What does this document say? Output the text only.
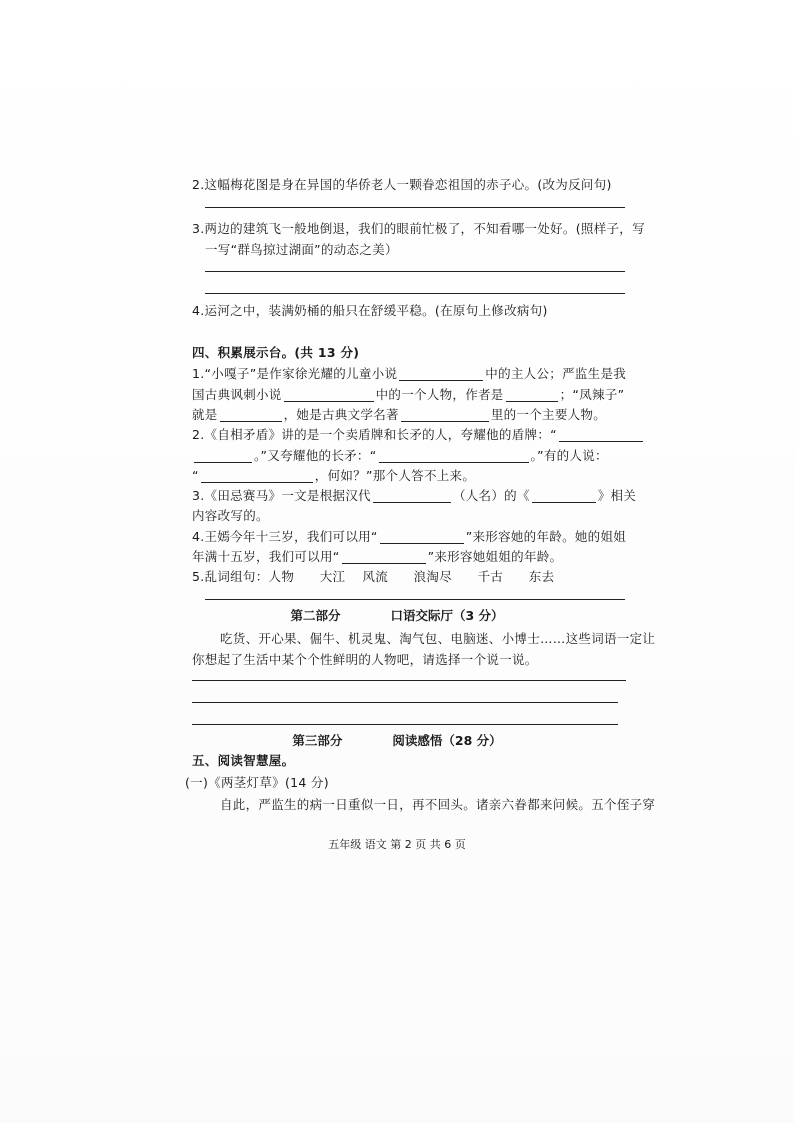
2.这幅梅花图是身在异国的华侨老人一颗眷恋祖国的赤子心。(改为反问句)
3.两边的建筑飞一般地倒退，我们的眼前忙极了，不知看哪一处好。(照样子，写
一写“群鸟掠过湖面”的动态之美）
4.运河之中，装满奶桶的船只在舒缓平稳。(在原句上修改病句)
四、积累展示台。(共 13 分)
1.“小嘎子”是作家徐光耀的儿童小说	中的主人公；严监生是我
国古典讽刺小说	中的一个人物，作者是	；“凤辣子”
就是	，她是古典文学名著	里的一个主要人物。
2.《自相矛盾》讲的是一个卖盾牌和长矛的人，夸耀他的盾牌：“
。”又夸耀他的长矛：“	。”有的人说：
“	，何如？”那个人答不上来。
3.《田忌赛马》一文是根据汉代	（人名）的《	》相关
内容改写的。
4.王嫣今年十三岁，我们可以用“	”来形容她的年龄。她的姐姐
年满十五岁，我们可以用“	”来形容她姐姐的年龄。
5.乱词组句：人物　　大江　 风流　　浪淘尽　　千古　　东去
第二部分　　　　口语交际厅（3 分）
吃货、开心果、倔牛、机灵鬼、淘气包、电脑迷、小博士……这些词语一定让
你想起了生活中某个个性鲜明的人物吧，请选择一个说一说。
第三部分　　　　阅读感悟（28 分）
五、阅读智慧屋。
(一)《两茎灯草》(14 分)
自此，严监生的病一日重似一日，再不回头。诸亲六眷都来问候。五个侄子穿
五年级 语文 第 2 页 共 6 页
